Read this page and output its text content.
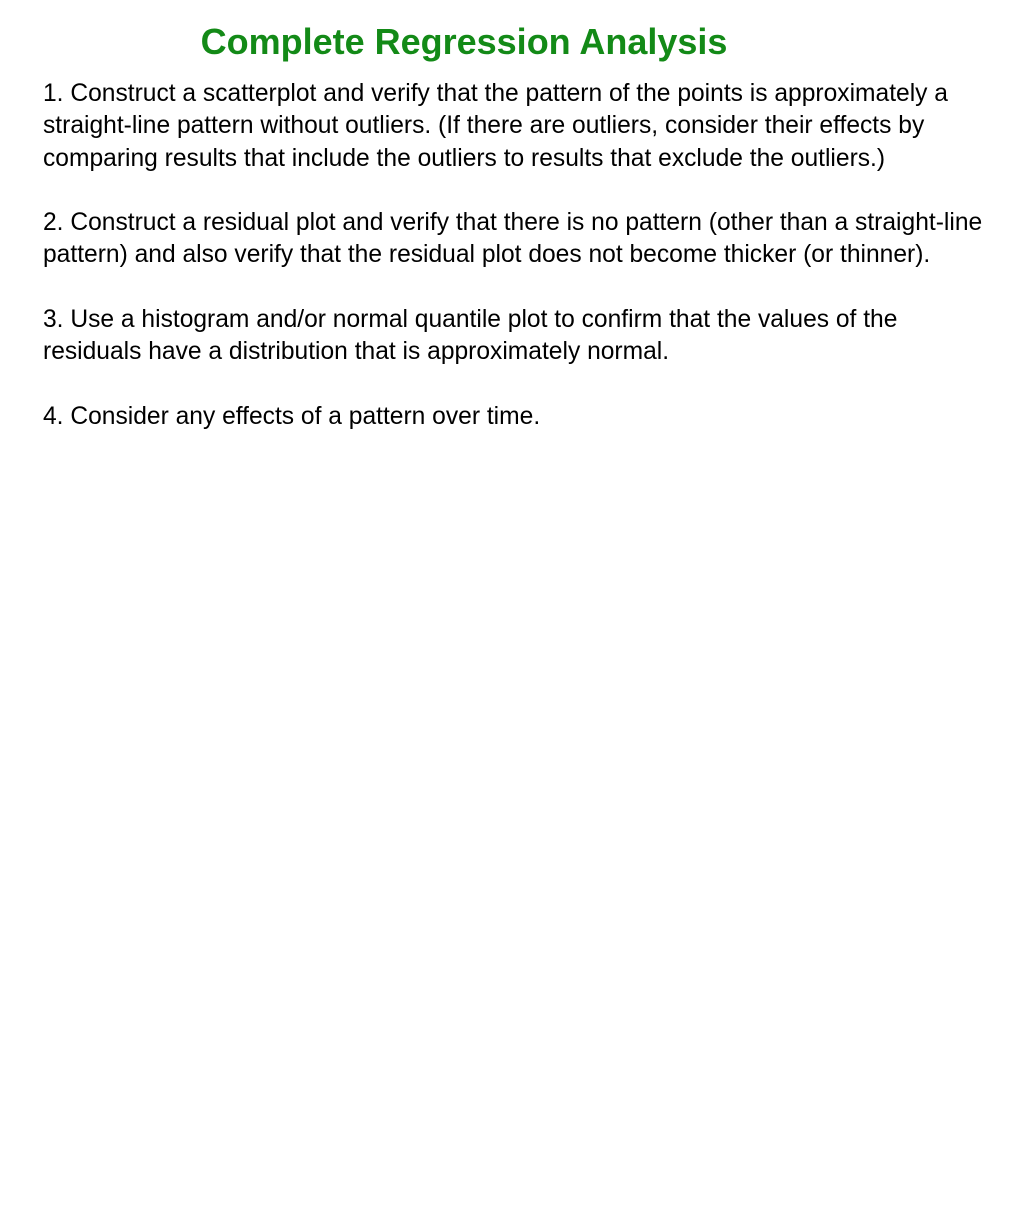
Complete Regression Analysis

1. Construct a scatterplot and verify that the pattern of the points is approximately a straight-line pattern without outliers. (If there are outliers, consider their effects by comparing results that include the outliers to results that exclude the outliers.)

2. Construct a residual plot and verify that there is no pattern (other than a straight-line pattern) and also verify that the residual plot does not become thicker (or thinner).

3. Use a histogram and/or normal quantile plot to confirm that the values of the residuals have a distribution that is approximately normal.

4. Consider any effects of a pattern over time.
